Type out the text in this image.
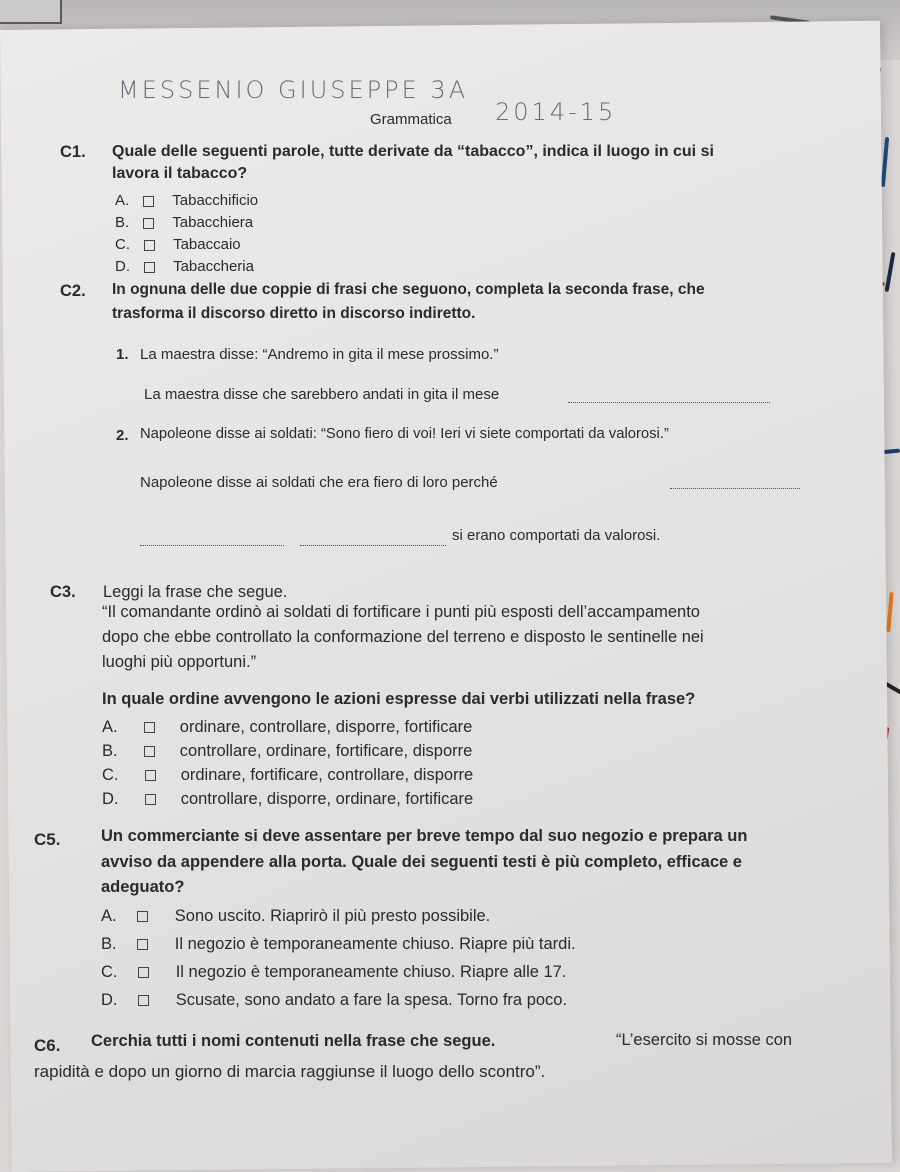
MESSENIO GIUSEPPE 3A
2014-15
Grammatica
C1. Quale delle seguenti parole, tutte derivate da “tabacco”, indica il luogo in cui si
lavora il tabacco?
A.	Tabacchificio
B.	Tabacchiera
C.	Tabaccaio
D.	Tabaccheria
C2. In ognuna delle due coppie di frasi che seguono, completa la seconda frase, che
trasforma il discorso diretto in discorso indiretto.
1. La maestra disse: “Andremo in gita il mese prossimo.”
La maestra disse che sarebbero andati in gita il mese
2. Napoleone disse ai soldati: “Sono fiero di voi! Ieri vi siete comportati da valorosi.”
Napoleone disse ai soldati che era fiero di loro perché
si erano comportati da valorosi.
C3. Leggi la frase che segue.
“Il comandante ordinò ai soldati di fortificare i punti più esposti dell’accampamento
dopo che ebbe controllato la conformazione del terreno e disposto le sentinelle nei
luoghi più opportuni.”
In quale ordine avvengono le azioni espresse dai verbi utilizzati nella frase?
A.	ordinare, controllare, disporre, fortificare
B.	controllare, ordinare, fortificare, disporre
C.	ordinare, fortificare, controllare, disporre
D.	controllare, disporre, ordinare, fortificare
C5. Un commerciante si deve assentare per breve tempo dal suo negozio e prepara un
avviso da appendere alla porta. Quale dei seguenti testi è più completo, efficace e
adeguato?
A.	Sono uscito. Riaprirò il più presto possibile.
B.	Il negozio è temporaneamente chiuso. Riapre più tardi.
C.	Il negozio è temporaneamente chiuso. Riapre alle 17.
D.	Scusate, sono andato a fare la spesa. Torno fra poco.
C6. Cerchia tutti i nomi contenuti nella frase che segue.	“L’esercito si mosse con
rapidità e dopo un giorno di marcia raggiunse il luogo dello scontro”.
